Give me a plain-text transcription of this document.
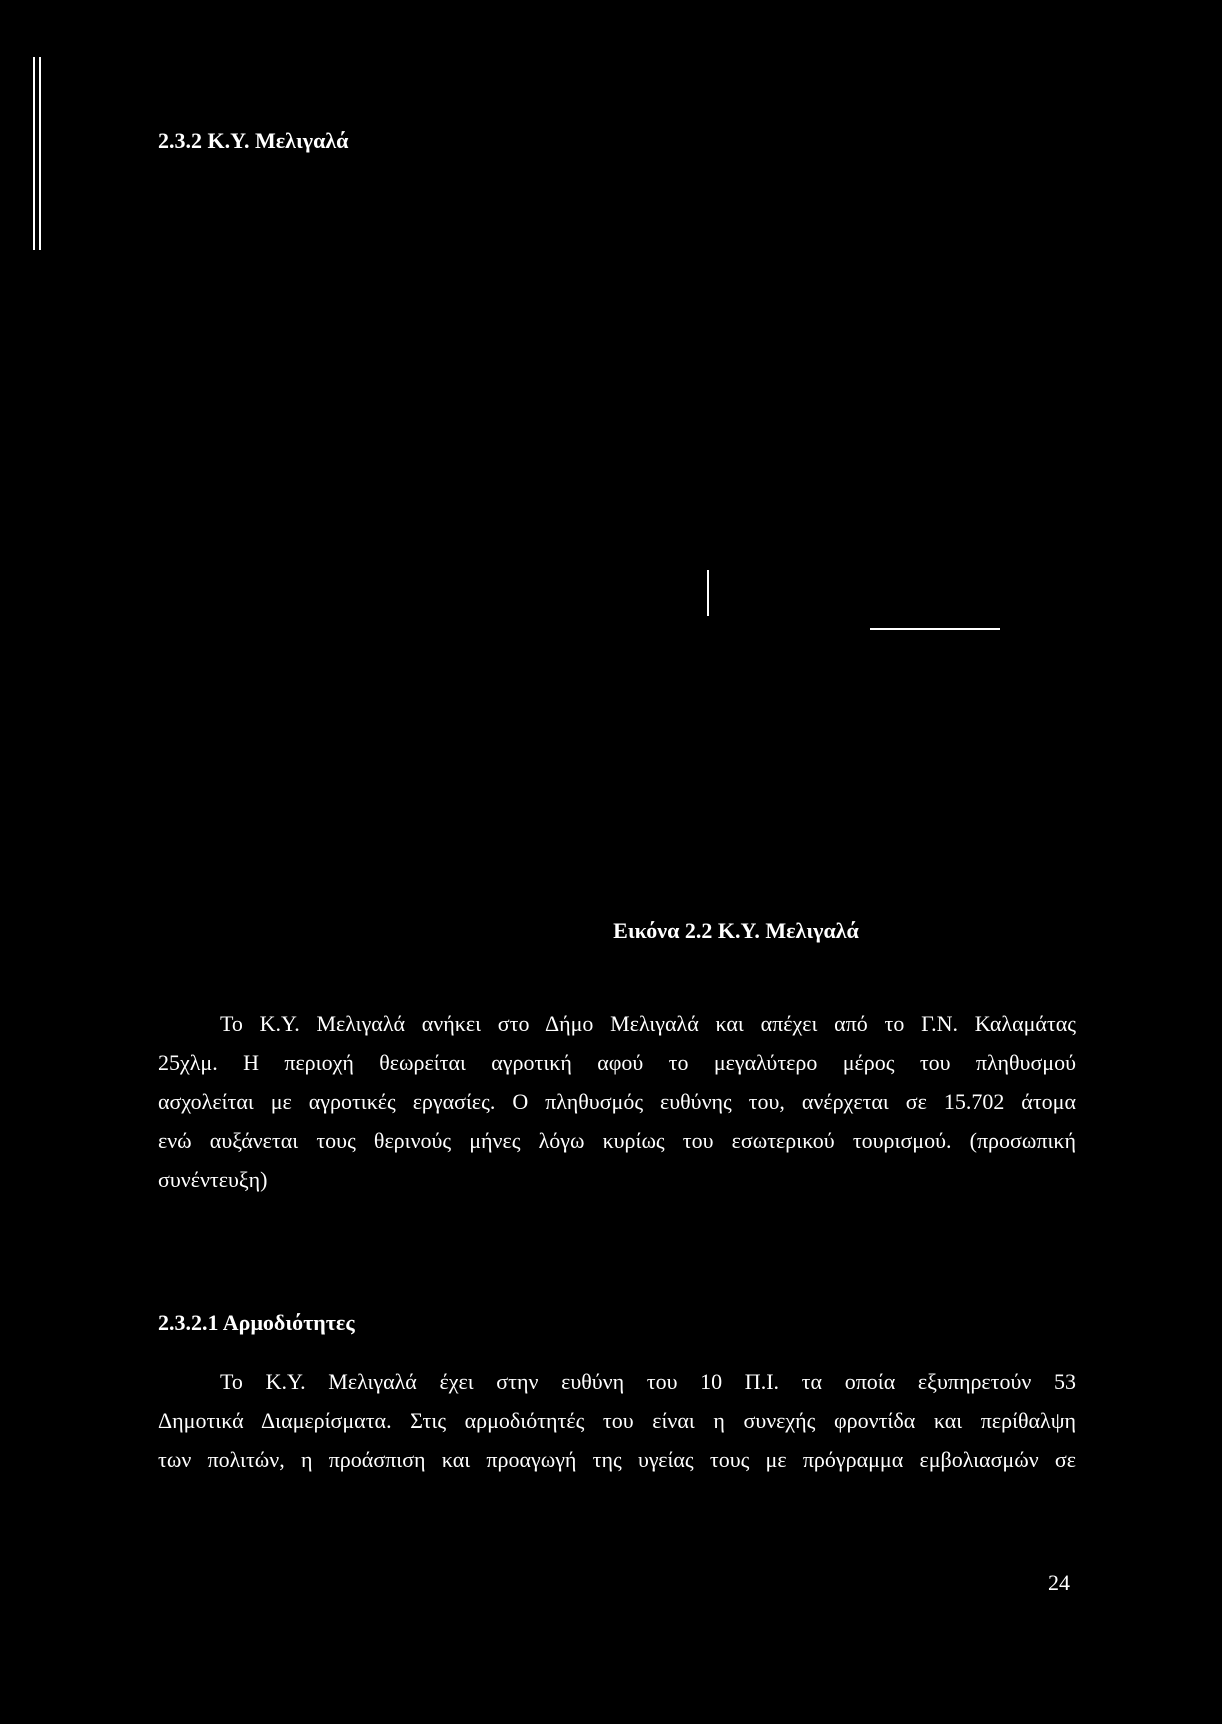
2.3.2 Κ.Υ. Μελιγαλά
Εικόνα 2.2 Κ.Υ. Μελιγαλά
Το Κ.Υ. Μελιγαλά ανήκει στο Δήμο Μελιγαλά και απέχει από το Γ.Ν. Καλαμάτας
25χλμ. Η περιοχή θεωρείται αγροτική αφού το μεγαλύτερο μέρος του πληθυσμού
ασχολείται με αγροτικές εργασίες. Ο πληθυσμός ευθύνης του, ανέρχεται σε 15.702 άτομα
ενώ αυξάνεται τους θερινούς μήνες λόγω κυρίως του εσωτερικού τουρισμού. (προσωπική
συνέντευξη)
2.3.2.1 Αρμοδιότητες
Το Κ.Υ. Μελιγαλά έχει στην ευθύνη του 10 Π.Ι. τα οποία εξυπηρετούν 53
Δημοτικά Διαμερίσματα. Στις αρμοδιότητές του είναι η συνεχής φροντίδα και περίθαλψη
των πολιτών, η προάσπιση και προαγωγή της υγείας τους με πρόγραμμα εμβολιασμών σε
24
